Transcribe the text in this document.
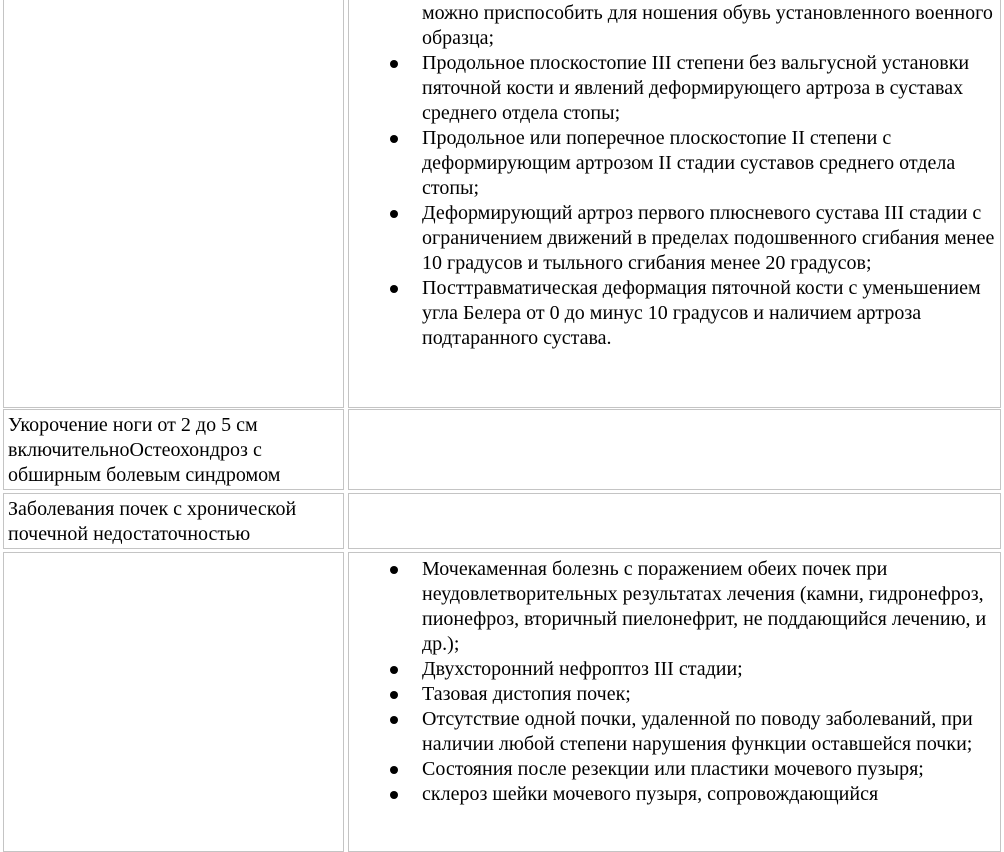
можно приспособить для ношения обувь установленного военного образца;
Продольное плоскостопие III степени без вальгусной установки пяточной кости и явлений деформирующего артроза в суставах среднего отдела стопы;
Продольное или поперечное плоскостопие II степени с деформирующим артрозом II стадии суставов среднего отдела стопы;
Деформирующий артроз первого плюсневого сустава III стадии с ограничением движений в пределах подошвенного сгибания менее 10 градусов и тыльного сгибания менее 20 градусов;
Посттравматическая деформация пяточной кости с уменьшением угла Белера от 0 до минус 10 градусов и наличием артроза подтаранного сустава.
Укорочение ноги от 2 до 5 см включительноОстеохондроз с обширным болевым синдромом
Заболевания почек с хронической почечной недостаточностью
Мочекаменная болезнь с поражением обеих почек при неудовлетворительных результатах лечения (камни, гидронефроз, пионефроз, вторичный пиелонефрит, не поддающийся лечению, и др.);
Двухсторонний нефроптоз III стадии;
Тазовая дистопия почек;
Отсутствие одной почки, удаленной по поводу заболеваний, при наличии любой степени нарушения функции оставшейся почки;
Состояния после резекции или пластики мочевого пузыря;
склероз шейки мочевого пузыря, сопровождающийся
